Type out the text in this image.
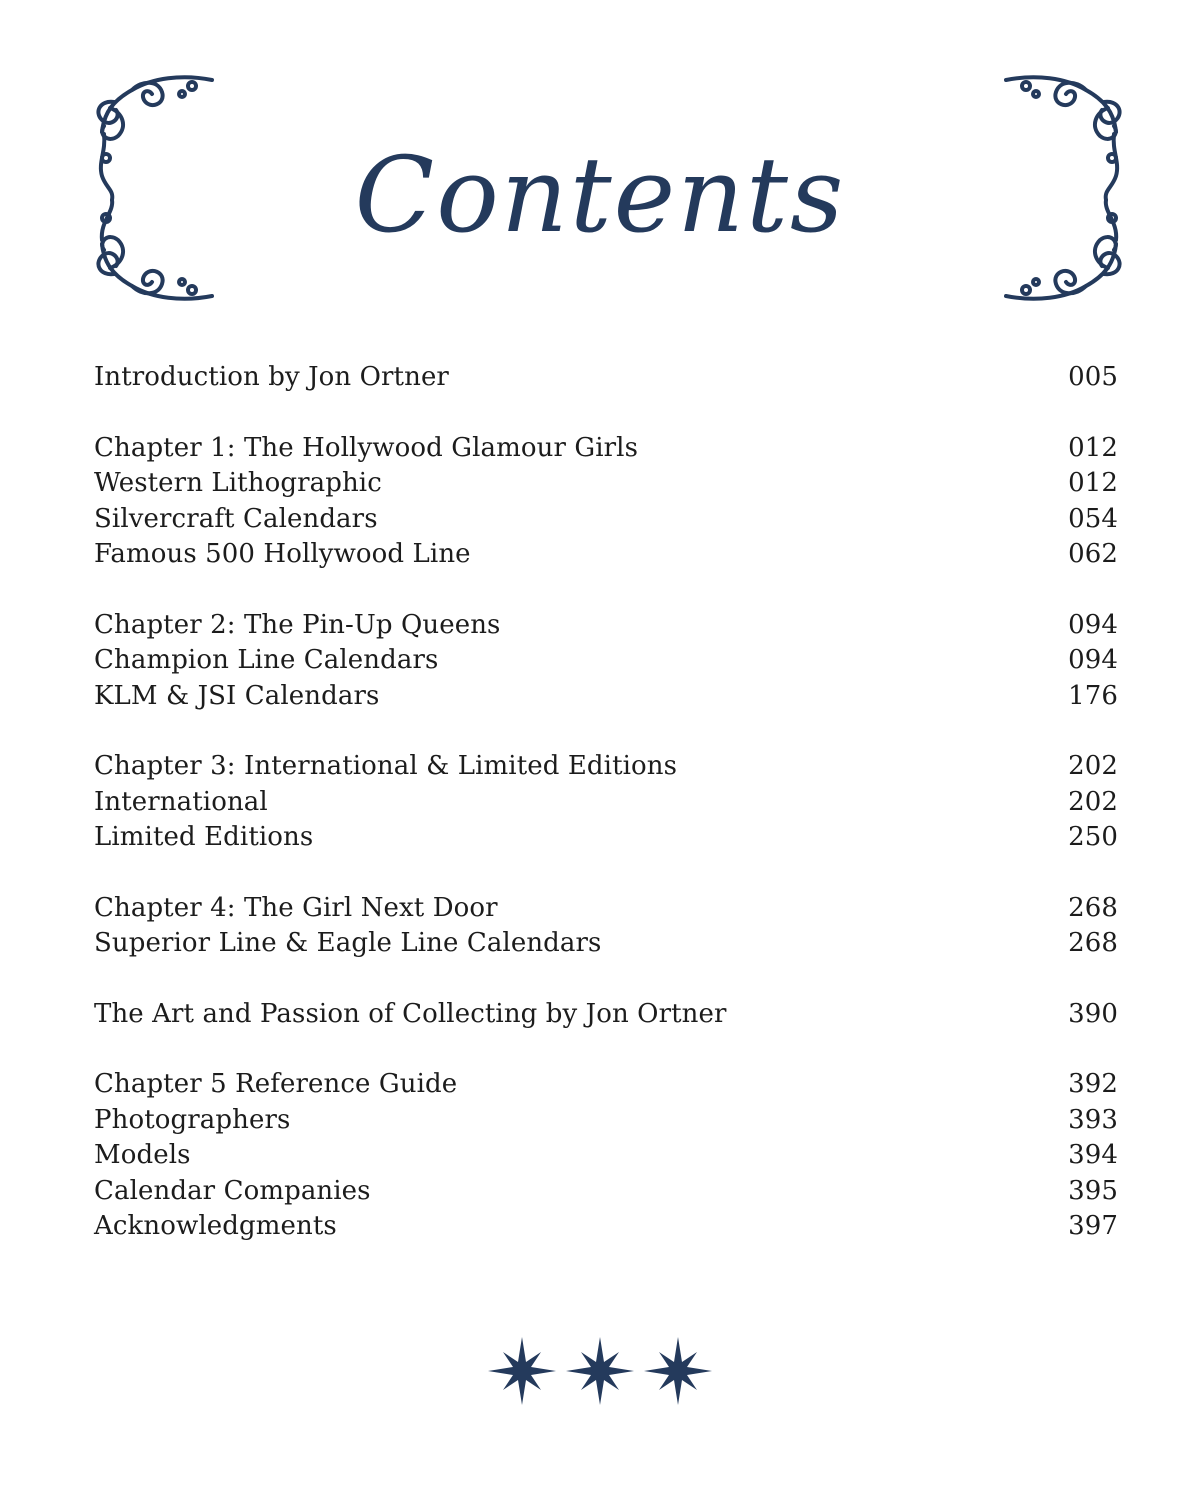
Contents
Introduction by Jon Ortner	005
Chapter 1: The Hollywood Glamour Girls	012
Western Lithographic	012
Silvercraft Calendars	054
Famous 500 Hollywood Line	062
Chapter 2: The Pin-Up Queens	094
Champion Line Calendars	094
KLM & JSI Calendars	176
Chapter 3: International & Limited Editions	202
International	202
Limited Editions	250
Chapter 4: The Girl Next Door	268
Superior Line & Eagle Line Calendars	268
The Art and Passion of Collecting by Jon Ortner	390
Chapter 5 Reference Guide	392
Photographers	393
Models	394
Calendar Companies	395
Acknowledgments	397
